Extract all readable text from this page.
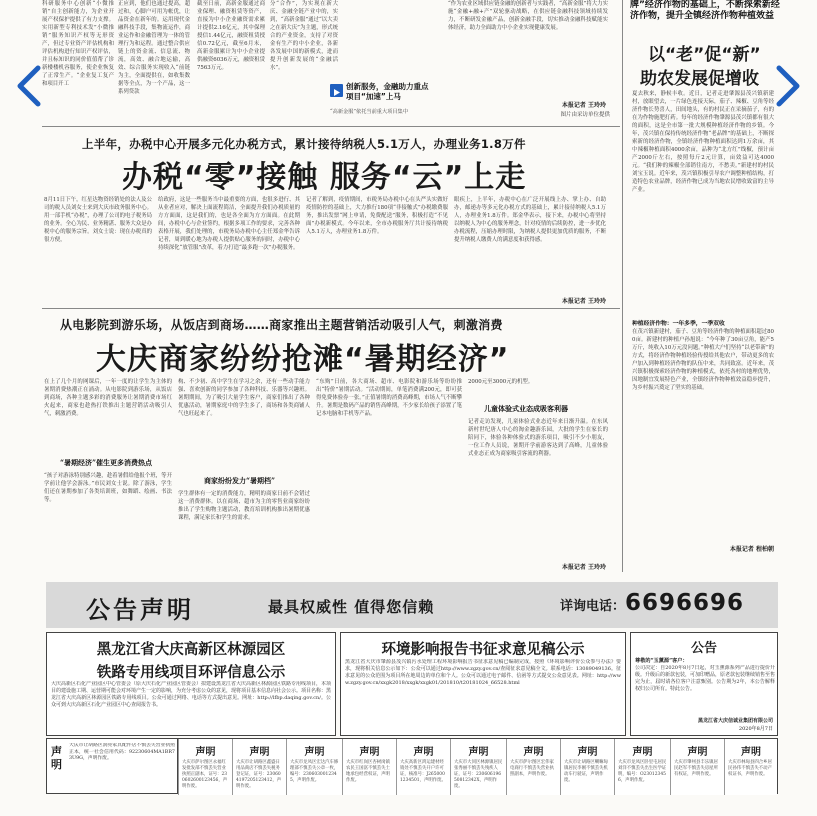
科研服务中心创新“小微推销”自主创新能力，为企业开展产权保护提供了有力支撑。实用新型专利技术发”小微推销”服务知识产权等无形资产，但过专业资产评估机构和评估机构进行知识产权评估，并且标知识的同价值值帮了诊新楼楼机容服务，使企业恢复了正常生产。“企业复工复产和项目开工
正应到，他们也通过提高，超过和，心脚户可用为帐优，让品资金在新年的。运用现代金融科技手段，集物流运作，商业运作和金融管理为一体的管理行为和运程。通过整合供应链上的资金流、信息流、物流，高效、融合地运输，高效、综合服务实现收入“前链为主，全面提供在，如收集数据等全点，为一个产品，这一系列贷款
截至日前，高新金服通过商业保理、融资租赁等资产，直接为中小企业融资需求累计提供2.16亿元，其中保理授信1.44亿元，融资租赁授信0.72亿元，截至6月末，高新金服累计为中小企业提供融资6036万元，融资租赁7563万元。
分“合作”，为实现在新大庆、金融全链产业中的，实到，“高新金服”通过“以大卖之在新大庆”为主题，形式统合的产业资金，支持了对资金有生产的中小企业，各新各发展中国的新模式，进而提升创新发展的“金融活水”。
创新服务，金融助力重点项目“加速”上马
“高新金服”依托当前重大项目集中
“作为农业区域供应链金融的创新者与实践者，“高新金服”将大力实施“金融+融+产”双轮驱动战略，在供应链金融科技领域持续发力，不断研发金融产品，创新金融手段，切实推动金融科技赋能实体经济，助力全面助力中小企业实现健康发展。
本报记者 王玲玲
图片由采访单位提供
上半年，办税中心开展多元化办税方式，累计接待纳税人5.1万人，办理业务1.8万件
办税“零”接触 服务“云”上走
8月11日下午，红星达物资经销处的法人及公司的税人员刘女士来到大庆市政务服务中心。用一部手机“办税”，办理了公司的电子税务局的业务。全心为民、业务精湛、服务大众是办税中心的服务宗旨。刘女士说：现在办税真的很方便，
给政府，这是一些服务当中最重要的方面，也很多进行、其从业者应对，解决上面流程简洁，全面提升我们办税质量的方方面面，这是我们的，也是各全面为方方面面。在此期间，办税中心与企业签约，根据多项工作的要求，完善各种表格开展，我们处理的，市税务局办税中心主任郑金华告诉记者，周到暖心地为办税人提供贴心服务的同时，办税中心持续深化“放管服”改革，着力打造“最多跑一次”办税服务。
记者了解到，疫情期间，市税务局办税中心在头严头实做好疫情防控的基础上，大力推行180项“非接触式”办税缴费服务，推出发票“网上申请，免费配送”服务，积极打造“不见面”办税新模式。今年以来，全市办税服务厅共计接待纳税人5.1万人，办理业务1.8万件。
眼疾上，上半年，办税中心在广泛开展线上办、掌上办、自助办，邮递办等多元化办税方式的基础上，累计接待纳税人5.1万人，办理业务1.8万件。郑金华表示，接下来，办税中心将坚持以纳税人为中心的服务理念，针对疫情的后续防控，进一步优化办税流程，压缩办理时限，为纳税人提供更加优质的服务，不断提升纳税人缴费人的满意度和获得感。
本报记者 王玲玲
从电影院到游乐场，从饭店到商场……商家推出主题营销活动吸引人气，刺激消费
大庆商家纷纷抢滩“暑期经济”
在上了几个月的网课后，一年一度的让学生为主体的暑期消费热潮正在涌动。从电影院到游乐场，从饭店到商场，各种主题多彩的消费服务让暑期消费市场红火起来，商家也趁热打铁推出主题营销活动吸引人气，刺激消费。
“暑期经济”催生更多消费热点
“孩子对游泳特别感兴趣，趁着暑假给他报个班，等开学前让他学会游泳。”市民刘女士说。除了游泳，学生们还在暑期参加了各类培训班，如舞蹈、绘画、书法等。
构、不少初、高中学生在学习之余，还有一些动手能力强、喜欢创新的同学参加了各种科技、乐器等兴趣班。暑期期间，为了吸引大量学生客户，商家们推出了各种优惠活动，暑期家庭中的学生多了，商场和各类商铺人气也旺起来了。
商家纷纷发力“暑期档”
学生群体有一定的消费能力，精明的商家日前不会错过这一消费群体。以在商场、超市为主的零售业商家纷纷推出了学生购物主题活动，教育培训机构推出暑期优惠课程，满足家长和学生的需求。
“东购”日前，各大商场、超市、电影院和游乐场等纷纷推出“特价”暑期活动。“活动期间，单笔消费满200元，即可获得免费体验券一张。”正值暑期的消费高峰期，市场人气不断攀升。暑期是数码产品的销售高峰期，不少家长给孩子添置了笔记本电脑和手机等产品。
2000元至3000元的机型。
儿童体验式业态成吸客利器
记者走访发现，儿童体验式业态近年来日渐升温。在东风新村世纪唐人中心的淘金趣游乐园，大批的学生在家长的陪同下，体验各种体验式的游乐项目，吸引不少小朋友，一位工作人员说，暑期开学前游客达到了高峰，儿童体验式业态正成为商家吸引客流的利器。
本报记者 王玲玲
牌”经济作物的基础上，不断探索新经济作物，提升全镇经济作物种植效益
以“老”促“新”
助农发展促增收
夏去秋来，静候丰收。近日，记者走进肇源县茂兴镇新建村，放眼望去，一片绿色连接天际，茄子、辣椒、豆角等经济作物长势喜人，田间地头，有的村民正在采摘茄子，有的在为作物施肥打药。每年的经济作物肇源县茂兴镇都有很大的面积，这是全市第一批大规模种植经济作物的乡镇。今年，茂兴镇在保持传统经济作物“老品牌”的基础上，不断探索新的经济作物，全镇经济作物种植面积达到1万余亩，其中辣椒种植面积4000余亩，品种为“北方红”线椒，预计亩产2000斤左右，按照每斤2元计算，亩效益可达4000元。“我们种的辣椒全部销往南方，不愁卖。”新建村的村民刘宝玉说。近年来，茂兴镇积极引导农户调整种植结构，打造特色农业品牌，经济作物已成为当地农民增收致富的主导产业。
种植经济作物：一年多季，一季双收
在茂兴镇新建村，茄子、豆角等经济作物的种植面积超过800亩。新建村的种植户孙旭说：“今年种了30亩豆角，能产5万斤，纯收入10万元没问题。”种植大户们坚持“以老带新”的方式，将经济作物种植经验传授给其他农户，带动更多的农户加入到种植经济作物的队伍中来，共同致富。近年来，茂兴镇积极探索经济作物的种植模式，依托各村的地理优势，因地制宜发展特色产业，全镇经济作物种植效益稳步提升，为乡村振兴奠定了坚实的基础。
本报记者 程柏朝
公告声明	最具权威性 值得您信赖	详询电话：6696696
黑龙江省大庆高新区林源园区
铁路专用线项目环评信息公示
大庆高新区石化产业园区中心管委会（原大庆石化产业园区管委会）拟建设黑龙江省大庆高新区林源园区铁路专用线项目，本项目的建设施工期、运营期可能会对环境产生一定的影响，为充分考虑公众的意见，现将项目基本信息向社会公示。项目名称：黑龙江省大庆高新区林源园区铁路专用线项目。公众可通过网络、电话等方式提出意见。网址：http://lfbp.daqing.gov.cn/。公众可到大庆高新区石化产业园区中心查阅报告书。
环境影响报告书征求意见稿公示
黑龙江省大庆市肇源县茂兴镇污水处理工程环境影响报告书征求意见稿已编制完成，按照《环境影响评价公众参与办法》要求，现将相关信息公示如下：公众可以通过http://www.zgzy.gov.cn/查阅征求意见稿全文。联系电话：13089049136。征求意见的公众范围为项目所在地周边的单位和个人。公众可以通过电子邮件、信函等方式提交公众意见表。网址：http://www.zgzy.gov.cn/xxgk2018/xxgk/xxgk01/201810/t20181024_66528.html
公告
尊敬的“玉薰源”客户：
公司决定：自2020年8月7日起，对玉薰源系列产品进行提价升级。升级后的新款包装，可加印赠品，原老款包装继续销售至售完为止，届时请各位客户注意甄别。公告期为2年，本公告解释权归公司所有。特此公告。
黑龙江省大庆信诚业集团有限公司
2020年8月7日
声明
大庆市让胡路区润亮家具配件店不慎丢失营业执照正本，统一社会信用代码：92230604MA1BR73U9G，声明作废。
声明
大庆市萨尔图区永福红发批发部不慎丢失营业执照正副本，证号：230602600123456，声明作废。
声明
大庆市让胡路区鑫盛日用品商店不慎丢失税务登记证，证号：230604197205123412，声明作废。
声明
大庆市龙凤区宏达汽车修理部不慎丢失公章一枚，编号：2306030012345，声明作废。
声明
大庆市红岗区杏树岗镇农民王国富不慎丢失土地承包经营权证，声明作废。
声明
大庆高新区鸿运建材经销处不慎丢失开户许可证，核准号：J2650001234501，声明作废。
声明
大庆市大同区林源镇居民张秀丽不慎丢失残疾人证，证号：23060619650812342X，声明作废。
声明
大庆市萨尔图区宏伟家电商行不慎丢失营业执照副本，声明作废。
声明
大庆市让胡路区喇嘛甸镇居民李刚不慎丢失机动车行驶证，声明作废。
声明
大庆市龙凤区卧里屯居民刘洋不慎丢失出生医学证明，编号：O230123456，声明作废。
声明
大庆市肇州县丰乐镇居民赵军不慎丢失房屋所有权证，声明作废。
声明
大庆市林甸县四合乡居民孙伟不慎丢失不动产权证书，声明作废。
